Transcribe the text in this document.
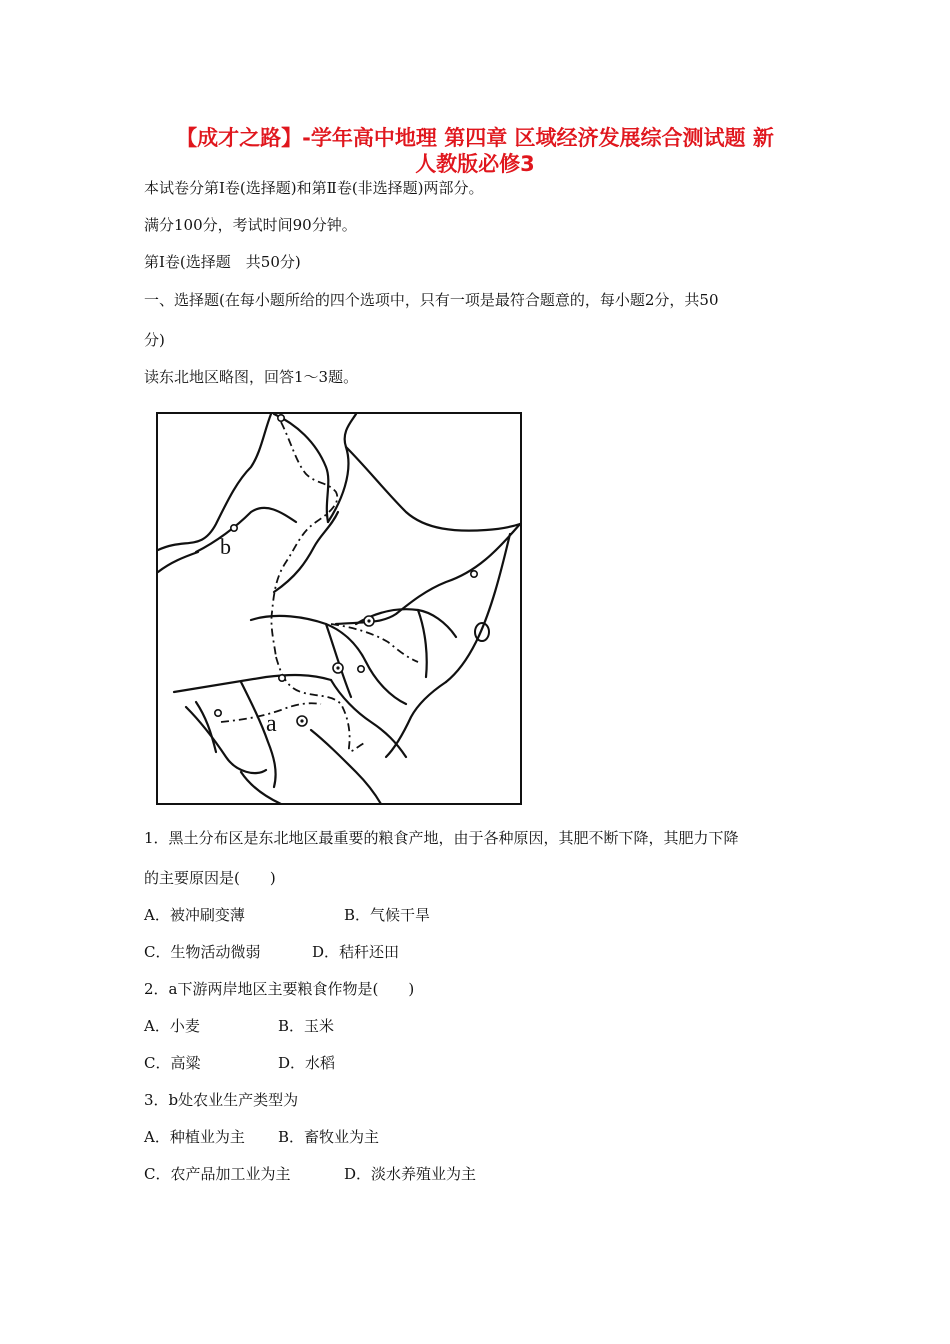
【成才之路】-学年高中地理 第四章 区域经济发展综合测试题 新
人教版必修3
本试卷分第Ⅰ卷(选择题)和第Ⅱ卷(非选择题)两部分。
满分100分，考试时间90分钟。
第Ⅰ卷(选择题　共50分)
一、选择题(在每小题所给的四个选项中，只有一项是最符合题意的，每小题2分，共50
分)
读东北地区略图，回答1～3题。
b
a
1．黑土分布区是东北地区最重要的粮食产地，由于各种原因，其肥不断下降，其肥力下降
的主要原因是(　　)
A．被冲刷变薄	B．气候干旱
C．生物活动微弱	D．秸秆还田
2．a下游两岸地区主要粮食作物是(　　)
A．小麦	B．玉米
C．高粱	D．水稻
3．b处农业生产类型为
A．种植业为主 B．畜牧业为主
C．农产品加工业为主	D．淡水养殖业为主
